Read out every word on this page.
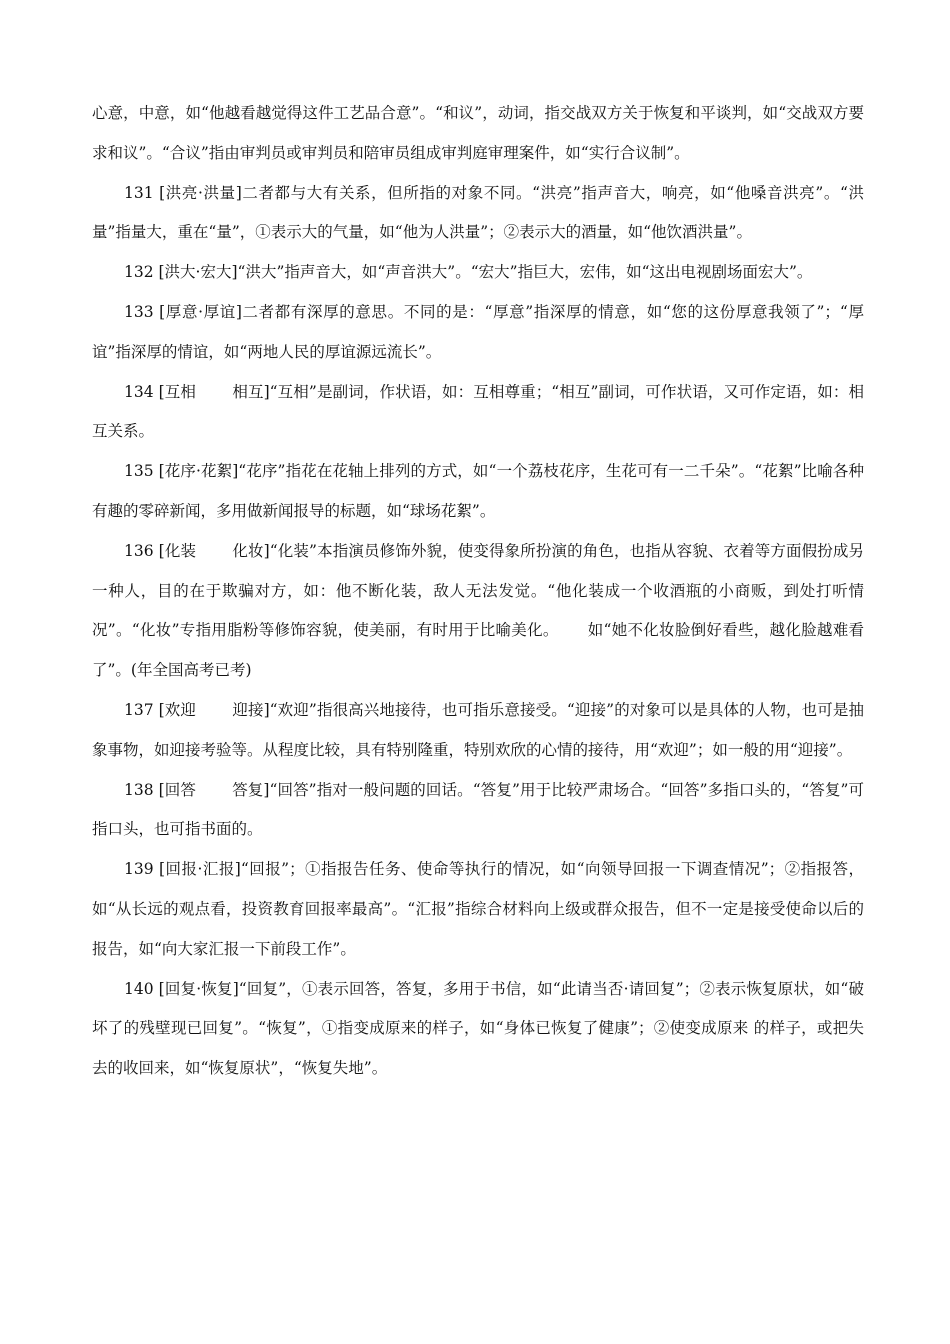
心意，中意，如“他越看越觉得这件工艺品合意”。“和议”，动词，指交战双方关于恢复和平谈判，如“交战双方要求和议”。“合议”指由审判员或审判员和陪审员组成审判庭审理案件，如“实行合议制”。

131 [洪亮·洪量]二者都与大有关系，但所指的对象不同。“洪亮”指声音大，响亮，如“他嗓音洪亮”。“洪量”指量大，重在“量”，①表示大的气量，如“他为人洪量”；②表示大的酒量，如“他饮酒洪量”。

132 [洪大·宏大]“洪大”指声音大，如“声音洪大”。“宏大”指巨大，宏伟，如“这出电视剧场面宏大”。

133 [厚意·厚谊]二者都有深厚的意思。不同的是：“厚意”指深厚的情意，如“您的这份厚意我领了”；“厚谊”指深厚的情谊，如“两地人民的厚谊源远流长”。

134 [互相　　 相互]“互相”是副词，作状语，如：互相尊重；“相互”副词，可作状语，又可作定语，如：相互关系。

135 [花序·花絮]“花序”指花在花轴上排列的方式，如“一个荔枝花序，生花可有一二千朵”。“花絮”比喻各种有趣的零碎新闻，多用做新闻报导的标题，如“球场花絮”。

136 [化装　　 化妆]“化装”本指演员修饰外貌，使变得象所扮演的角色，也指从容貌、衣着等方面假扮成另一种人，目的在于欺骗对方，如：他不断化装，敌人无法发觉。“他化装成一个收酒瓶的小商贩，到处打听情况”。“化妆”专指用脂粉等修饰容貌，使美丽，有时用于比喻美化。　　 如“她不化妆脸倒好看些，越化脸越难看了”。(年全国高考已考)

137 [欢迎　　 迎接]“欢迎”指很高兴地接待，也可指乐意接受。“迎接”的对象可以是具体的人物，也可是抽象事物，如迎接考验等。从程度比较，具有特别隆重，特别欢欣的心情的接待，用“欢迎”；如一般的用“迎接”。

138 [回答　　 答复]“回答”指对一般问题的回话。“答复”用于比较严肃场合。“回答”多指口头的，“答复”可指口头，也可指书面的。

139 [回报·汇报]“回报”；①指报告任务、使命等执行的情况，如“向领导回报一下调查情况”；②指报答，如“从长远的观点看，投资教育回报率最高”。“汇报”指综合材料向上级或群众报告，但不一定是接受使命以后的报告，如“向大家汇报一下前段工作”。

140 [回复·恢复]“回复”，①表示回答，答复，多用于书信，如“此请当否·请回复”；②表示恢复原状，如“破坏了的残壁现已回复”。“恢复”，①指变成原来的样子，如“身体已恢复了健康”；②使变成原来 的样子，或把失去的收回来，如“恢复原状”，“恢复失地”。
